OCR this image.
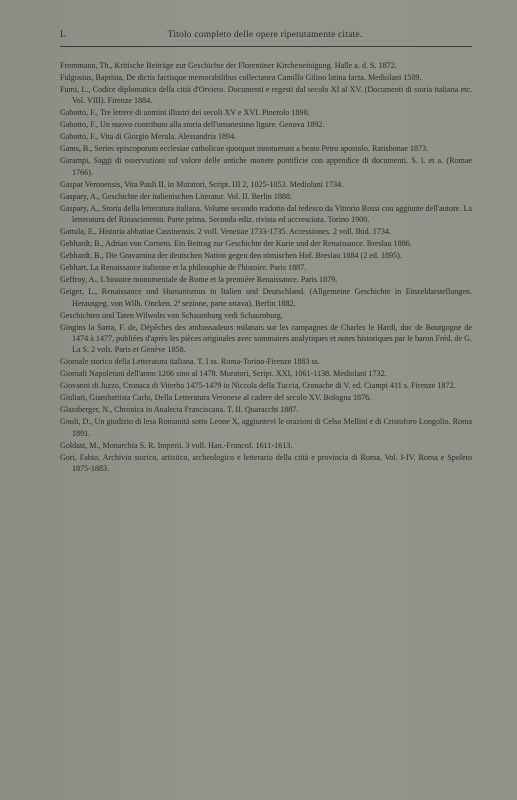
L	Titolo completo delle opere ripetutamente citate.

Frommann, Th., Kritische Beiträge zur Geschichte der Florentiner Kircheneinigung. Halle a. d. S. 1872.

Fulgosius, Baptista, De dictis factisque memorabilibus collectanea Camillo Gilino latina facta. Mediolani 1509.

Fumi, L., Codice diplomatico della città d'Orvieto. Documenti e regesti dal secolo XI al XV. (Documenti di storia italiana etc. Vol. VIII). Firenze 1884.

Gabotto, F., Tre lettere di uomini illustri dei secoli XV e XVI. Pinerolo 1890.

Gabotto, F., Un nuovo contributo alla storia dell'umanesimo ligure. Genova 1892.

Gabotto, F., Vita di Giorgio Merula. Alessandria 1894.

Gams, B., Series episcoporum ecclesiae catholicae quotquot innotuerunt a beato Petro apostolo. Ratisbonae 1873.

Garampi, Saggi di osservazioni sul valore delle antiche monete pontificie con appendice di documenti. S. l. et a. (Romae 1766).

Gaspar Veronensis, Vita Pauli II. in Muratori, Script. III 2, 1025-1053. Mediolani 1734.

Gaspary, A., Geschichte der italienischen Literatur. Vol. II. Berlin 1888.

Gaspary, A., Storia della letteratura italiana. Volume secondo tradotto dal tedesco da Vittorio Rossi con aggiunte dell'autore. La letteratura del Rinascimento. Parte prima. Seconda ediz. rivista ed accresciuta. Torino 1900.

Gattula, E., Historia abbatiae Cassinensis. 2 voll. Venetiae 1733-1735. Accessiones. 2 voll. Ibid. 1734.

Gebhardt, B., Adrian von Corneto. Ein Beitrag zur Geschichte der Kurie und der Renaissance. Breslau 1886.

Gebhardt, B., Die Gravamina der deutschen Nation gegen den römischen Hof. Breslau 1884 (2 ed. 1895).

Gebhart, La Renaissance italienne et la philosophie de l'histoire. Paris 1887.

Geffroy, A., L'histoire monumentale de Rome et la première Renaissance. Paris 1879.

Geiger, L., Renaissance und Humanismus in Italien und Deutschland. (Allgemeine Geschichte in Einzeldarstellungen. Herausgeg. von Wilh. Oncken. 2ª sezione, parte ottava). Berlin 1882.

Geschichten und Taten Wilwolts von Schaumburg vedi Schaumburg.

Gingins la Sarra, F. de, Dépêches des ambassadeurs milanais sur les campagnes de Charles le Hardi, duc de Bourgogne de 1474 à 1477, publiées d'après les pièces originales avec sommaires analytiques et notes historiques par le baron Fréd. de G. La S. 2 vols. Paris et Genève 1858.

Giornale storico della Letteratura italiana. T. I ss. Roma-Torino-Firenze 1883 ss.

Giornali Napoletani dell'anno 1266 sino al 1478. Muratori, Script. XXI, 1061-1138. Mediolani 1732.

Giovanni di Juzzo, Cronaca di Viterbo 1475-1479 in Niccola della Tuccia, Cronache di V. ed. Ciampi 411 s. Firenze 1872.

Giuliari, Giambattista Carlo, Della Letteratura Veronese al cadere del secolo XV. Bologna 1876.

Glassberger, N., Chronica in Analecta Franciscana. T. II. Quaracchi 1887.

Gnoli, D., Un giudizio di lesa Romanità sotto Leone X, aggiuntevi le orazioni di Celso Mellini e di Cristoforo Longolio. Roma 1891.

Goldast, M., Monarchia S. R. Imperii. 3 voll. Han.-Francof. 1611-1613.

Gori, Fabio, Archivio storico, artistico, archeologico e letterario della città e provincia di Roma. Vol. I-IV. Roma e Spoleto 1875-1883.
